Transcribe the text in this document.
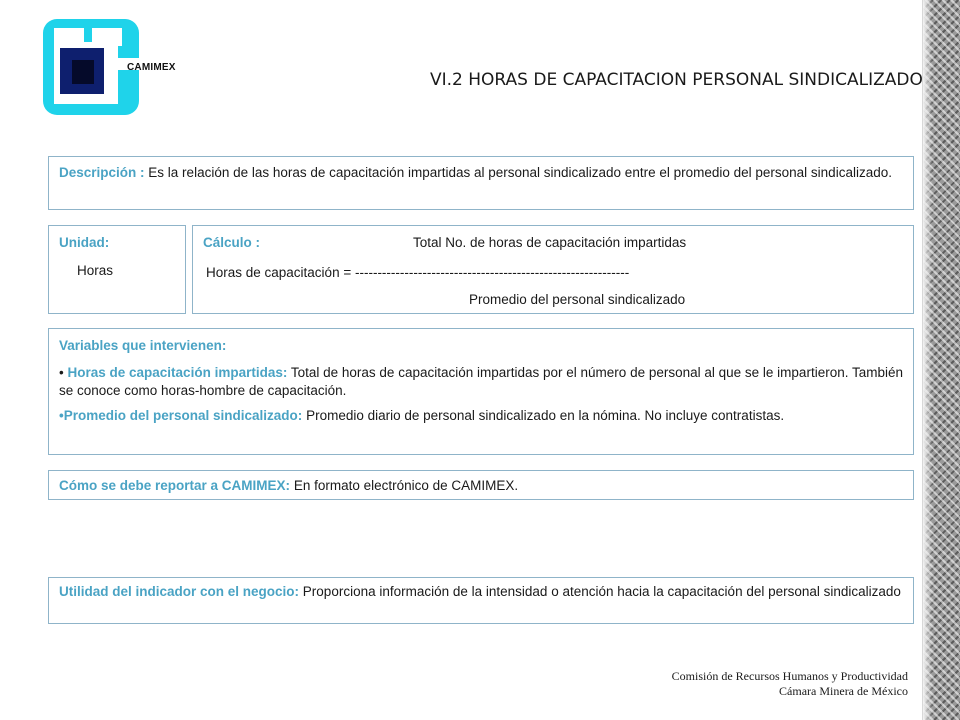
CAMIMEX
VI.2 HORAS DE CAPACITACION PERSONAL SINDICALIZADO
Descripción : Es la relación de las horas de capacitación impartidas al personal sindicalizado entre el promedio del personal sindicalizado.
Unidad:
Horas
Cálculo :	Total No. de horas de capacitación impartidas
Horas de capacitación = -------------------------------------------------------------
Promedio del personal sindicalizado

Variables que intervienen:

• Horas de capacitación impartidas: Total de horas de capacitación impartidas por el número de personal al que se le impartieron. También se conoce como horas-hombre de capacitación.

•Promedio del personal sindicalizado: Promedio diario de personal sindicalizado en la nómina. No incluye contratistas.

Cómo se debe reportar a CAMIMEX: En formato electrónico de CAMIMEX.
Utilidad del indicador con el negocio: Proporciona información de la intensidad o atención hacia la capacitación del personal sindicalizado
Comisión de Recursos Humanos y Productividad
Cámara Minera de México
